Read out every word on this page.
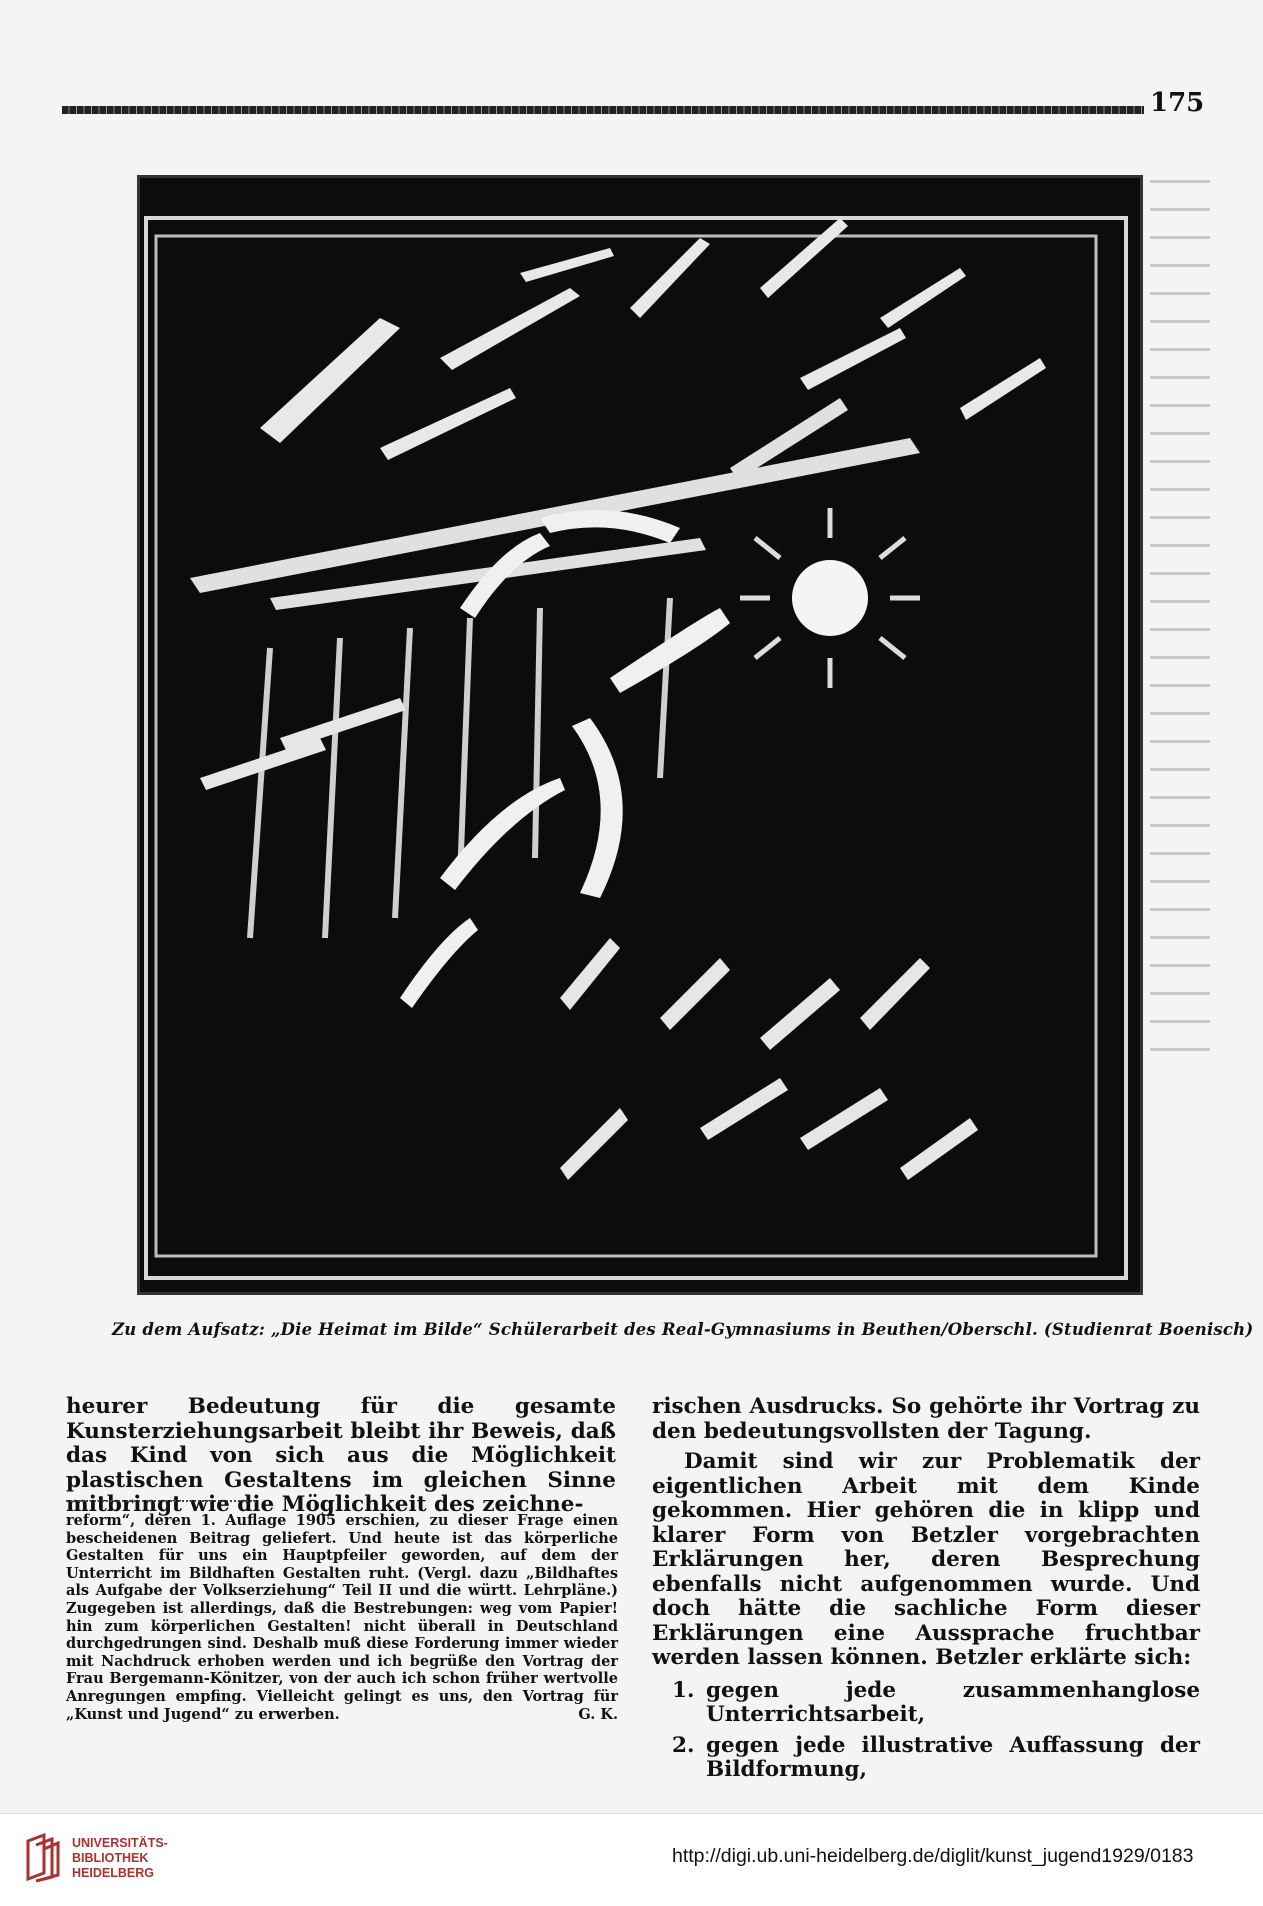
175
Zu dem Aufsatz: „Die Heimat im Bilde“ Schülerarbeit des Real-Gymnasiums in Beuthen/Oberschl. (Studienrat Boenisch)

heurer Bedeutung für die gesamte Kunsterziehungsarbeit bleibt ihr Beweis, daß das Kind von sich aus die Möglichkeit plastischen Gestaltens im gleichen Sinne mitbringt wie die Möglichkeit des zeichne-

reform“, deren 1. Auflage 1905 erschien, zu dieser Frage einen bescheidenen Beitrag geliefert. Und heute ist das körperliche Gestalten für uns ein Hauptpfeiler geworden, auf dem der Unterricht im Bildhaften Gestalten ruht. (Vergl. dazu „Bildhaftes als Aufgabe der Volkserziehung“ Teil II und die württ. Lehrpläne.) Zugegeben ist allerdings, daß die Bestrebungen: weg vom Papier! hin zum körperlichen Gestalten! nicht überall in Deutschland durchgedrungen sind. Deshalb muß diese Forderung immer wieder mit Nachdruck erhoben werden und ich begrüße den Vortrag der Frau Bergemann-Könitzer, von der auch ich schon früher wertvolle Anregungen empfing. Vielleicht gelingt es uns, den Vortrag für „Kunst und Jugend“ zu erwerben.	G. K.

rischen Ausdrucks. So gehörte ihr Vortrag zu den bedeutungsvollsten der Tagung.

Damit sind wir zur Problematik der eigentlichen Arbeit mit dem Kinde gekommen. Hier gehören die in klipp und klarer Form von Betzler vorgebrachten Erklärungen her, deren Besprechung ebenfalls nicht aufgenommen wurde. Und doch hätte die sachliche Form dieser Erklärungen eine Aussprache fruchtbar werden lassen können. Betzler erklärte sich:

1. gegen jede zusammenhanglose Unterrichtsarbeit,
2. gegen jede illustrative Auffassung der Bildformung,
UNIVERSITÄTS-
BIBLIOTHEK
HEIDELBERG
http://digi.ub.uni-heidelberg.de/diglit/kunst_jugend1929/0183
